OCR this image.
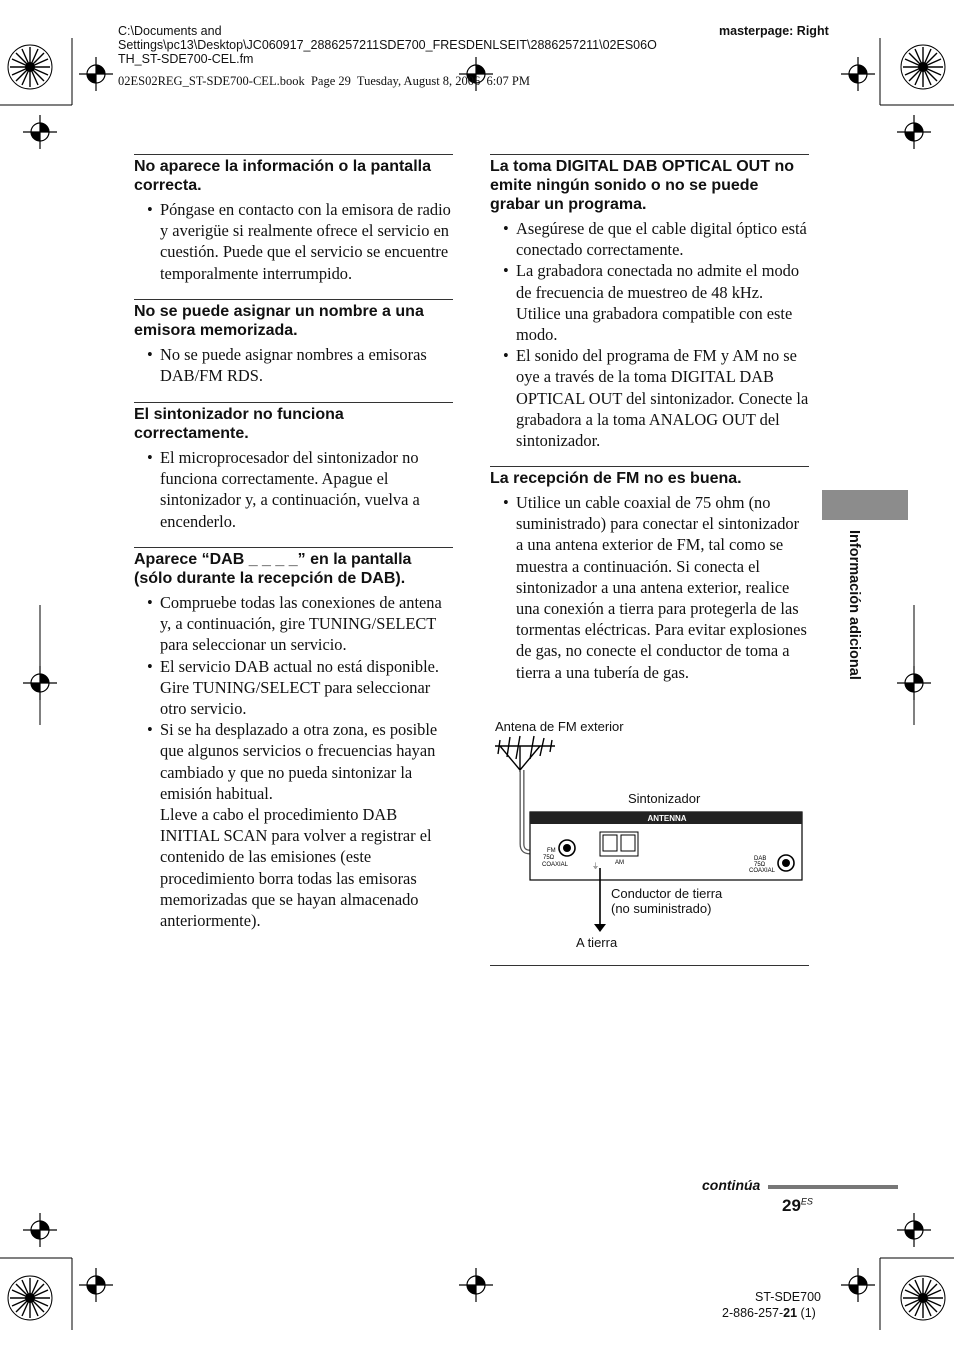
C:\Documents and
Settings\pc13\Desktop\JC060917_2886257211SDE700_FRESDENLSEIT\2886257211\02ES06O
TH_ST-SDE700-CEL.fm
masterpage: Right
02ES02REG_ST-SDE700-CEL.book  Page 29  Tuesday, August 8, 2006  6:07 PM
No aparece la información o la pantalla correcta.
• Póngase en contacto con la emisora de radio y averigüe si realmente ofrece el servicio en cuestión. Puede que el servicio se encuentre temporalmente interrumpido.
No se puede asignar un nombre a una emisora memorizada.
• No se puede asignar nombres a emisoras DAB/FM RDS.
El sintonizador no funciona correctamente.
• El microprocesador del sintonizador no funciona correctamente. Apague el sintonizador y, a continuación, vuelva a encenderlo.
Aparece “DAB _ _ _ _” en la pantalla (sólo durante la recepción de DAB).
• Compruebe todas las conexiones de antena y, a continuación, gire TUNING/SELECT para seleccionar un servicio.
• El servicio DAB actual no está disponible. Gire TUNING/SELECT para seleccionar otro servicio.
• Si se ha desplazado a otra zona, es posible que algunos servicios o frecuencias hayan cambiado y que no pueda sintonizar la emisión habitual.

Lleve a cabo el procedimiento DAB INITIAL SCAN para volver a registrar el contenido de las emisiones (este procedimiento borra todas las emisoras memorizadas que se hayan almacenado anteriormente).

La toma DIGITAL DAB OPTICAL OUT no emite ningún sonido o no se puede grabar un programa.
• Asegúrese de que el cable digital óptico está conectado correctamente.
• La grabadora conectada no admite el modo de frecuencia de muestreo de 48 kHz. Utilice una grabadora compatible con este modo.
• El sonido del programa de FM y AM no se oye a través de la toma DIGITAL DAB OPTICAL OUT del sintonizador. Conecte la grabadora a la toma ANALOG OUT del sintonizador.
La recepción de FM no es buena.
• Utilice un cable coaxial de 75 ohm (no suministrado) para conectar el sintonizador a una antena exterior de FM, tal como se muestra a continuación. Si conecta el sintonizador a una antena exterior, realice una conexión a tierra para protegerla de las tormentas eléctricas. Para evitar explosiones de gas, no conecte el conductor de toma a tierra a una tubería de gas.
Antena de FM exterior
Sintonizador
Conductor de tierra
(no suministrado)
A tierra
ANTENNA
FM
75Ω
COAXIAL	AM
⏚
DAB
75Ω
COAXIAL
Información adicional
continúa
$29^{ES}$
ST-SDE700
2-886-257-21 (1)
